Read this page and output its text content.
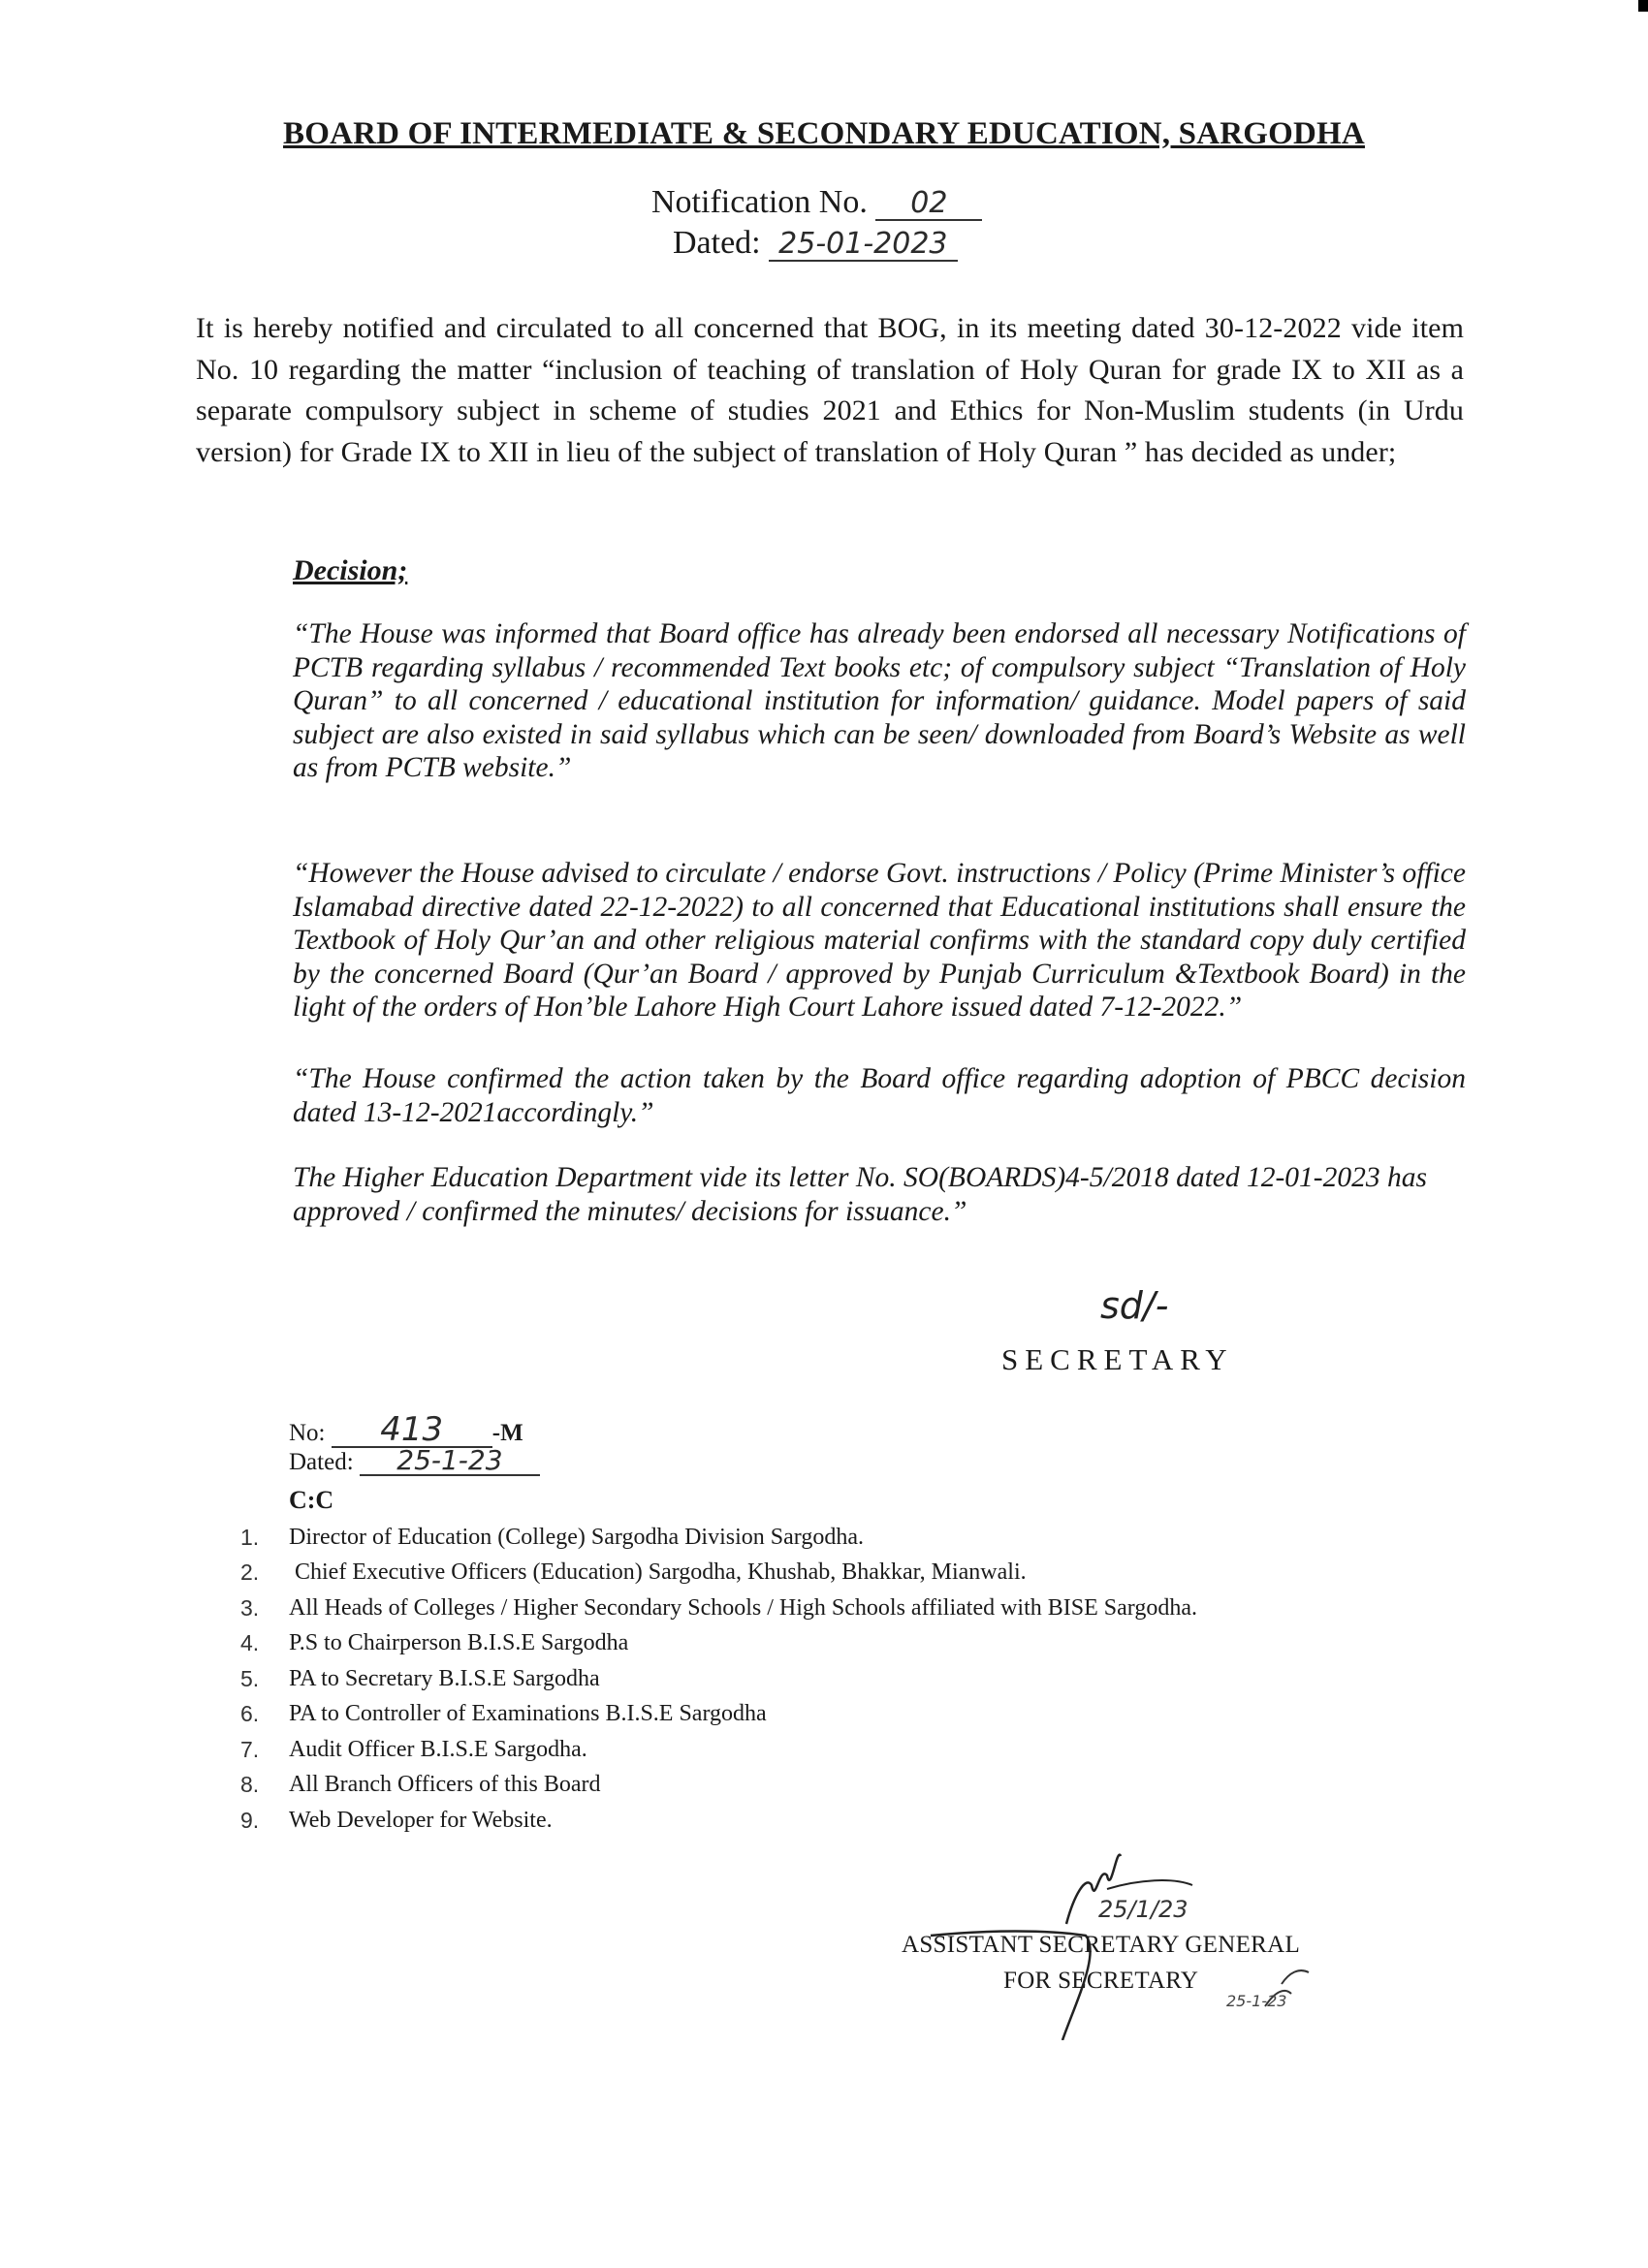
BOARD OF INTERMEDIATE & SECONDARY EDUCATION, SARGODHA
Notification No. 02
Dated: 25-01-2023
It is hereby notified and circulated to all concerned that BOG, in its meeting dated 30-12-2022 vide item No. 10 regarding the matter “inclusion of teaching of translation of Holy Quran for grade IX to XII as a separate compulsory subject in scheme of studies 2021 and Ethics for Non-Muslim students (in Urdu version) for Grade IX to XII in lieu of the subject of translation of Holy Quran ” has decided as under;
Decision;
“The House was informed that Board office has already been endorsed all necessary Notifications of PCTB regarding syllabus / recommended Text books etc; of compulsory subject “Translation of Holy Quran” to all concerned / educational institution for information/ guidance. Model papers of said subject are also existed in said syllabus which can be seen/ downloaded from Board’s Website as well as from PCTB website.”
“However the House advised to circulate / endorse Govt. instructions / Policy (Prime Minister’s office Islamabad directive dated 22-12-2022) to all concerned that Educational institutions shall ensure the Textbook of Holy Qur’an and other religious material confirms with the standard copy duly certified by the concerned Board (Qur’an Board / approved by Punjab Curriculum &Textbook Board) in the light of the orders of Hon’ble Lahore High Court Lahore issued dated 7-12-2022.”
“The House confirmed the action taken by the Board office regarding adoption of PBCC decision dated 13-12-2021accordingly.”
The Higher Education Department vide its letter No. SO(BOARDS)4-5/2018 dated 12-01-2023 has approved / confirmed the minutes/ decisions for issuance.”
sd/-
SECRETARY
No: 413 -M
Dated: 25-1-23
C:C
1.	Director of Education (College) Sargodha Division Sargodha.
2.	Chief Executive Officers (Education) Sargodha, Khushab, Bhakkar, Mianwali.
3.	All Heads of Colleges / Higher Secondary Schools / High Schools affiliated with BISE Sargodha.
4.	P.S to Chairperson B.I.S.E Sargodha
5.	PA to Secretary B.I.S.E Sargodha
6.	PA to Controller of Examinations B.I.S.E Sargodha
7.	Audit Officer B.I.S.E Sargodha.
8.	All Branch Officers of this Board
9.	Web Developer for Website.
25/1/23
ASSISTANT SECRETARY GENERAL
FOR SECRETARY
25-1-23
